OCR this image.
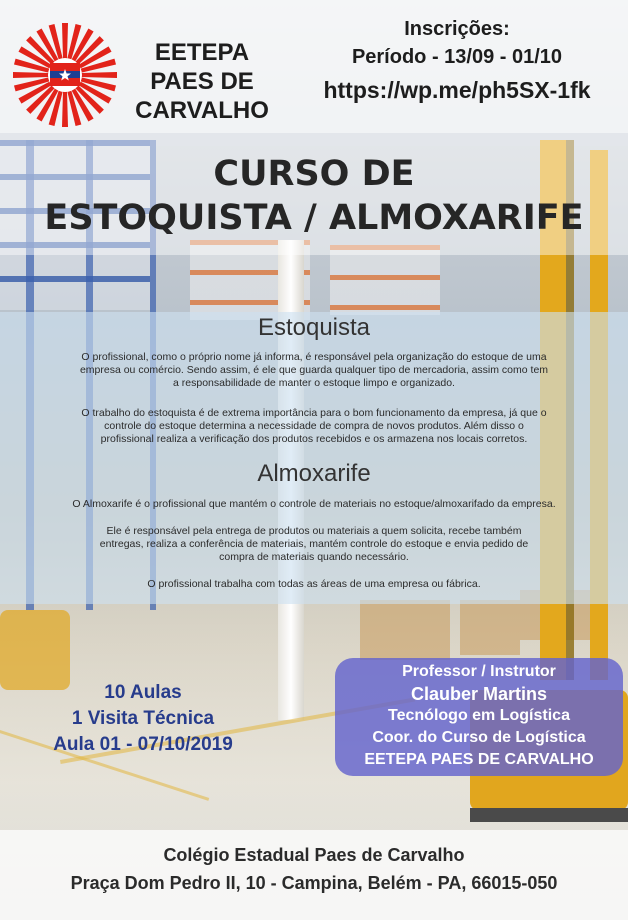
EETEPA
PAES DE
CARVALHO
Inscrições:
Período - 13/09 - 01/10
https://wp.me/ph5SX-1fk
CURSO DE
ESTOQUISTA / ALMOXARIFE
Estoquista
O profissional, como o próprio nome já informa, é responsável pela organização do estoque de uma
empresa ou comércio. Sendo assim, é ele que guarda qualquer tipo de mercadoria, assim como tem
a responsabilidade de manter o estoque limpo e organizado.
O trabalho do estoquista é de extrema importância para o bom funcionamento da empresa, já que o
controle do estoque determina a necessidade de compra de novos produtos. Além disso o
profissional realiza a verificação dos produtos recebidos e os armazena nos locais corretos.
Almoxarife
O Almoxarife é o profissional que mantém o controle de materiais no estoque/almoxarifado da empresa.
Ele é responsável pela entrega de produtos ou materiais a quem solicita, recebe também
entregas, realiza a conferência de materiais, mantém controle do estoque e envia pedido de
compra de materiais quando necessário.
O profissional trabalha com todas as áreas de uma empresa ou fábrica.
10 Aulas
1 Visita Técnica
Aula 01 - 07/10/2019
Professor / Instrutor
Clauber Martins
Tecnólogo em Logística
Coor. do Curso de Logística
EETEPA PAES DE CARVALHO
Colégio Estadual Paes de Carvalho
Praça Dom Pedro II, 10 - Campina, Belém - PA, 66015-050
